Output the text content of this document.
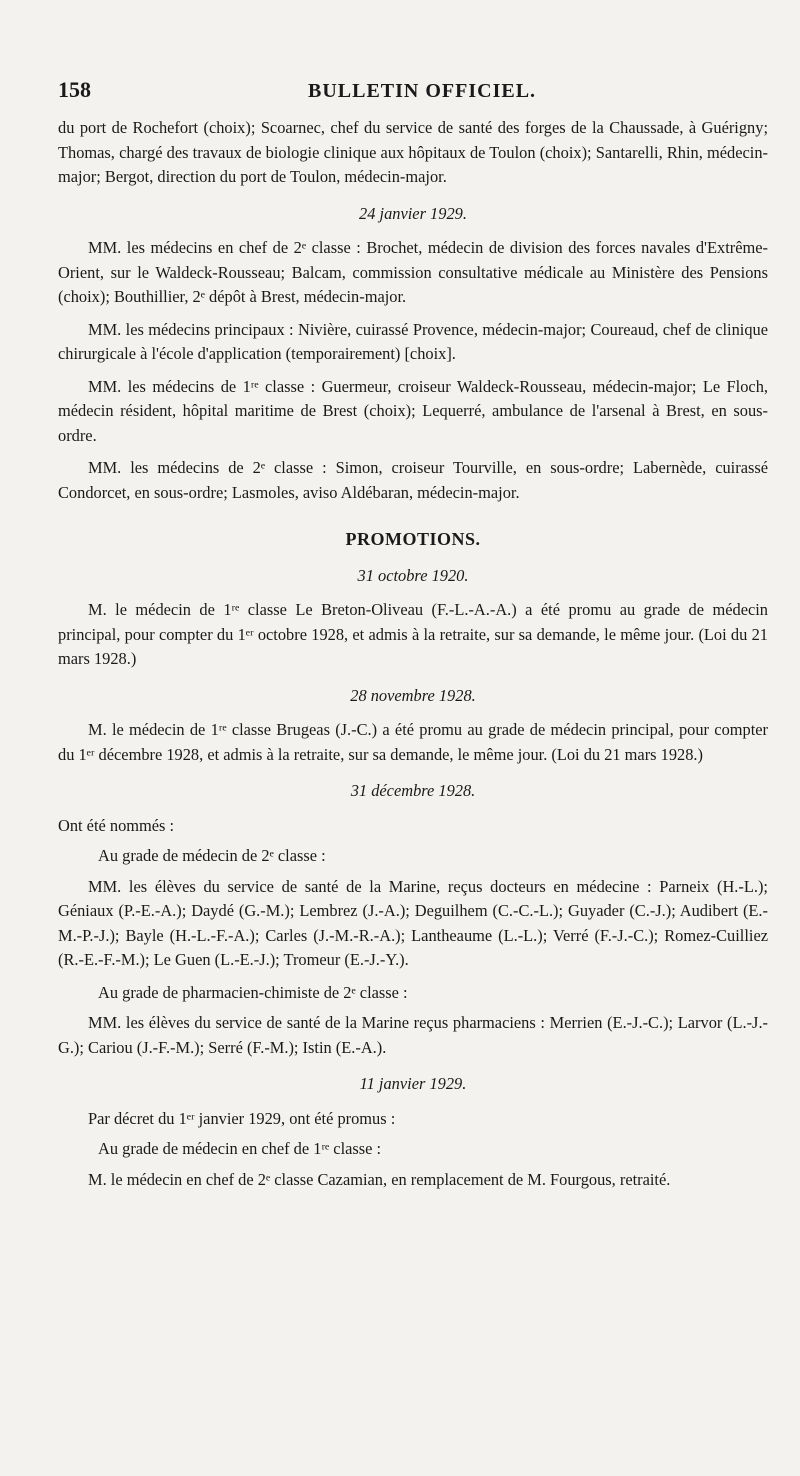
158	BULLETIN OFFICIEL.

du port de Rochefort (choix); Scoarnec, chef du service de santé des forges de la Chaussade, à Guérigny; Thomas, chargé des travaux de biologie clinique aux hôpitaux de Toulon (choix); Santarelli, Rhin, médecin-major; Bergot, direction du port de Toulon, médecin-major.

24 janvier 1929.

MM. les médecins en chef de 2ᵉ classe : Brochet, médecin de division des forces navales d'Extrême-Orient, sur le Waldeck-Rousseau; Balcam, commission consultative médicale au Ministère des Pensions (choix); Bouthillier, 2ᵉ dépôt à Brest, médecin-major.

MM. les médecins principaux : Nivière, cuirassé Provence, médecin-major; Coureaud, chef de clinique chirurgicale à l'école d'application (temporairement) [choix].

MM. les médecins de 1ʳᵉ classe : Guermeur, croiseur Waldeck-Rousseau, médecin-major; Le Floch, médecin résident, hôpital maritime de Brest (choix); Lequerré, ambulance de l'arsenal à Brest, en sous-ordre.

MM. les médecins de 2ᵉ classe : Simon, croiseur Tourville, en sous-ordre; Labernède, cuirassé Condorcet, en sous-ordre; Lasmoles, aviso Aldébaran, médecin-major.

PROMOTIONS.

31 octobre 1920.

M. le médecin de 1ʳᵉ classe Le Breton-Oliveau (F.-L.-A.-A.) a été promu au grade de médecin principal, pour compter du 1ᵉʳ octobre 1928, et admis à la retraite, sur sa demande, le même jour. (Loi du 21 mars 1928.)

28 novembre 1928.

M. le médecin de 1ʳᵉ classe Brugeas (J.-C.) a été promu au grade de médecin principal, pour compter du 1ᵉʳ décembre 1928, et admis à la retraite, sur sa demande, le même jour. (Loi du 21 mars 1928.)

31 décembre 1928.

Ont été nommés :

Au grade de médecin de 2ᵉ classe :

MM. les élèves du service de santé de la Marine, reçus docteurs en médecine : Parneix (H.-L.); Géniaux (P.-E.-A.); Daydé (G.-M.); Lembrez (J.-A.); Deguilhem (C.-C.-L.); Guyader (C.-J.); Audibert (E.-M.-P.-J.); Bayle (H.-L.-F.-A.); Carles (J.-M.-R.-A.); Lantheaume (L.-L.); Verré (F.-J.-C.); Romez-Cuilliez (R.-E.-F.-M.); Le Guen (L.-E.-J.); Tromeur (E.-J.-Y.).

Au grade de pharmacien-chimiste de 2ᵉ classe :

MM. les élèves du service de santé de la Marine reçus pharmaciens : Merrien (E.-J.-C.); Larvor (L.-J.-G.); Cariou (J.-F.-M.); Serré (F.-M.); Istin (E.-A.).

11 janvier 1929.

Par décret du 1ᵉʳ janvier 1929, ont été promus :

Au grade de médecin en chef de 1ʳᵉ classe :

M. le médecin en chef de 2ᵉ classe Cazamian, en remplacement de M. Fourgous, retraité.
